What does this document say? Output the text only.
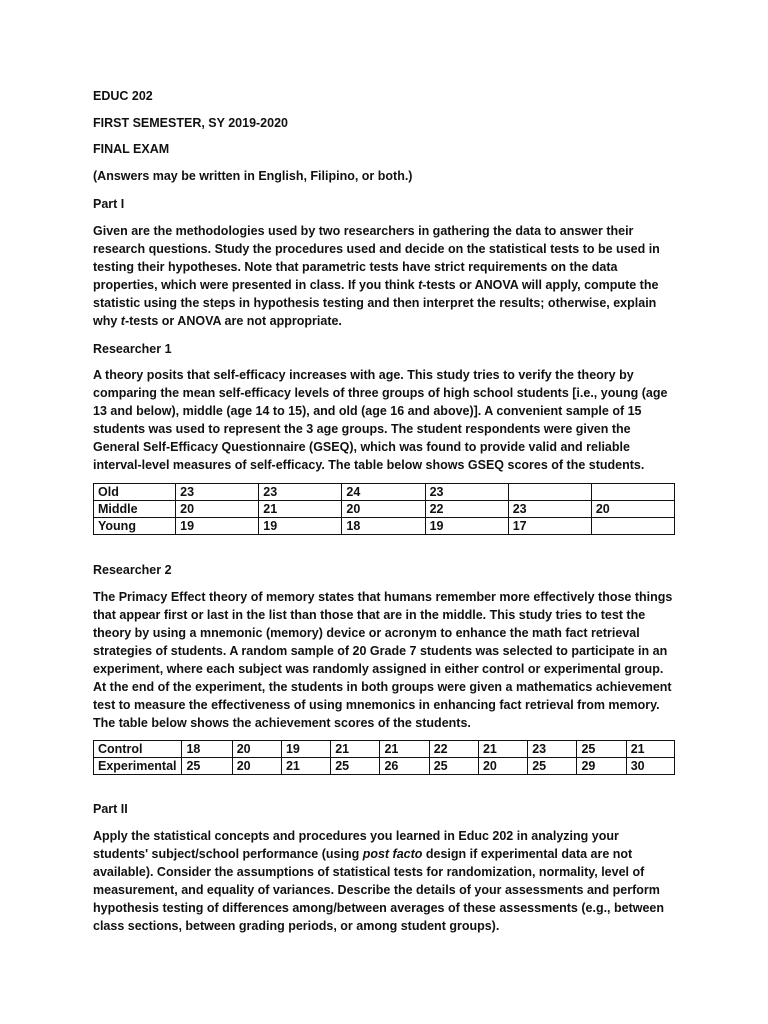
EDUC 202
FIRST SEMESTER, SY 2019-2020
FINAL EXAM
(Answers may be written in English, Filipino, or both.)
Part I
Given are the methodologies used by two researchers in gathering the data to answer their research questions. Study the procedures used and decide on the statistical tests to be used in testing their hypotheses. Note that parametric tests have strict requirements on the data properties, which were presented in class. If you think t-tests or ANOVA will apply, compute the statistic using the steps in hypothesis testing and then interpret the results; otherwise, explain why t-tests or ANOVA are not appropriate.
Researcher 1
A theory posits that self-efficacy increases with age. This study tries to verify the theory by comparing the mean self-efficacy levels of three groups of high school students [i.e., young (age 13 and below), middle (age 14 to 15), and old (age 16 and above)]. A convenient sample of 15 students was used to represent the 3 age groups. The student respondents were given the General Self-Efficacy Questionnaire (GSEQ), which was found to provide valid and reliable interval-level measures of self-efficacy. The table below shows GSEQ scores of the students.
Old	23	23	24	23		
Middle	20	21	20	22	23	20
Young	19	19	18	19	17	
Researcher 2
The Primacy Effect theory of memory states that humans remember more effectively those things that appear first or last in the list than those that are in the middle. This study tries to test the theory by using a mnemonic (memory) device or acronym to enhance the math fact retrieval strategies of students. A random sample of 20 Grade 7 students was selected to participate in an experiment, where each subject was randomly assigned in either control or experimental group. At the end of the experiment, the students in both groups were given a mathematics achievement test to measure the effectiveness of using mnemonics in enhancing fact retrieval from memory. The table below shows the achievement scores of the students.
Control	18	20	19	21	21	22	21	23	25	21
Experimental	25	20	21	25	26	25	20	25	29	30
Part II
Apply the statistical concepts and procedures you learned in Educ 202 in analyzing your students' subject/school performance (using post facto design if experimental data are not available). Consider the assumptions of statistical tests for randomization, normality, level of measurement, and equality of variances. Describe the details of your assessments and perform hypothesis testing of differences among/between averages of these assessments (e.g., between class sections, between grading periods, or among student groups).
